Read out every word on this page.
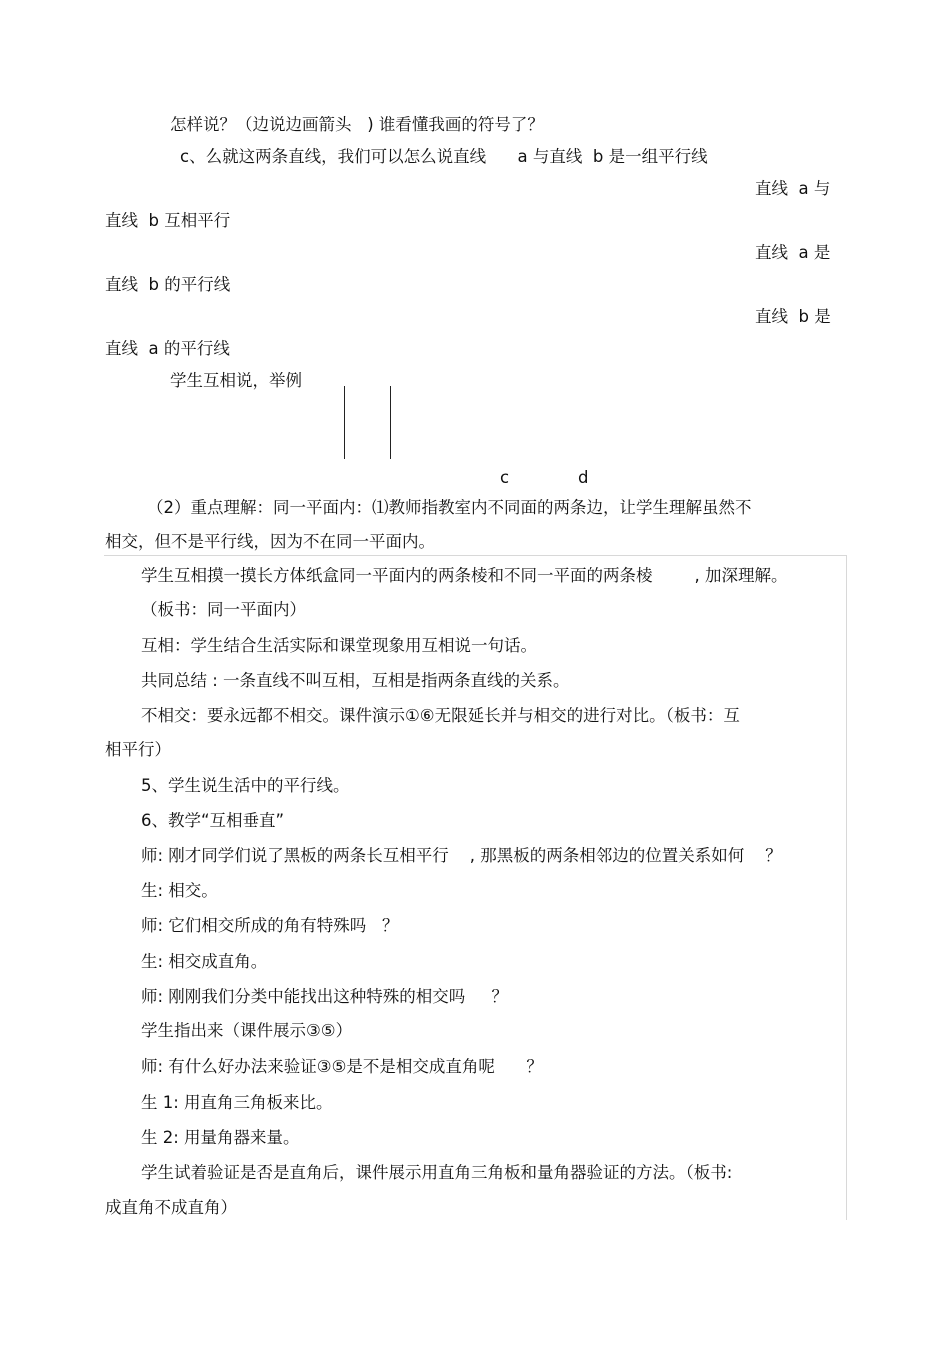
怎样说？（边说边画箭头   ) 谁看懂我画的符号了？
c、么就这两条直线，我们可以怎么说直线      a 与直线  b 是一组平行线
直线  a 与
直线  b 互相平行
直线  a 是
直线  b 的平行线
直线  b 是
直线  a 的平行线
学生互相说，举例
c	d
（2）重点理解：同一平面内：⑴教师指教室内不同面的两条边，让学生理解虽然不
相交，但不是平行线，因为不在同一平面内。
学生互相摸一摸长方体纸盒同一平面内的两条棱和不同一平面的两条棱        , 加深理解。
（板书：同一平面内）
互相：学生结合生活实际和课堂现象用互相说一句话。
共同总结 : 一条直线不叫互相，互相是指两条直线的关系。
不相交：要永远都不相交。课件演示①⑥无限延长并与相交的进行对比。（板书：互
相平行）
5、学生说生活中的平行线。
6、教学“互相垂直”
师: 刚才同学们说了黑板的两条长互相平行    , 那黑板的两条相邻边的位置关系如何    ？
生: 相交。
师: 它们相交所成的角有特殊吗   ？
生: 相交成直角。
师: 刚刚我们分类中能找出这种特殊的相交吗     ？
学生指出来（课件展示③⑤）
师: 有什么好办法来验证③⑤是不是相交成直角呢      ？
生 1: 用直角三角板来比。
生 2: 用量角器来量。
学生试着验证是否是直角后，课件展示用直角三角板和量角器验证的方法。（板书:
成直角不成直角）
